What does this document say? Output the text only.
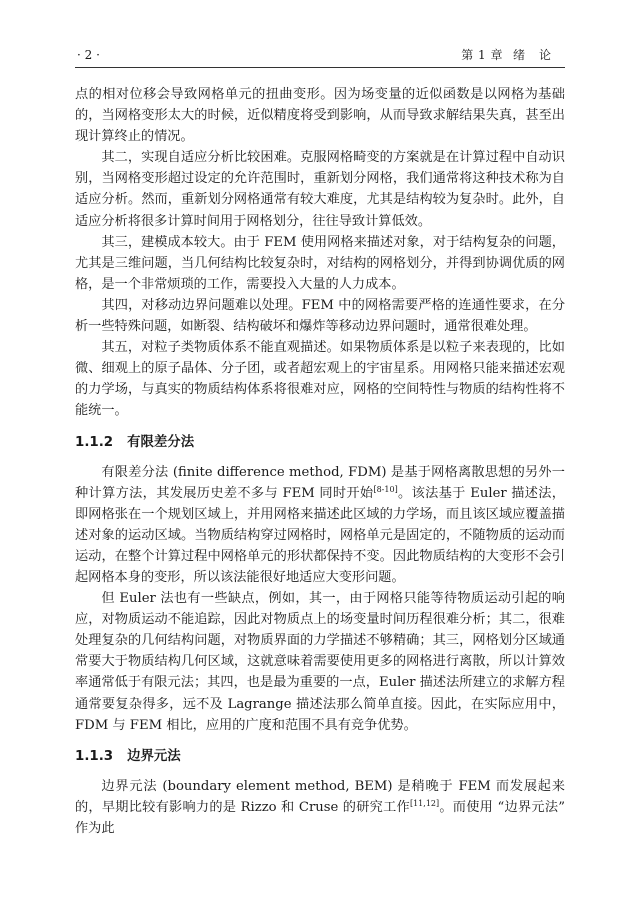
· 2 ·	第 1 章 绪论

点的相对位移会导致网格单元的扭曲变形。因为场变量的近似函数是以网格为基础的，当网格变形太大的时候，近似精度将受到影响，从而导致求解结果失真，甚至出现计算终止的情况。

其二，实现自适应分析比较困难。克服网格畸变的方案就是在计算过程中自动识别，当网格变形超过设定的允许范围时，重新划分网格，我们通常将这种技术称为自适应分析。然而，重新划分网格通常有较大难度，尤其是结构较为复杂时。此外，自适应分析将很多计算时间用于网格划分，往往导致计算低效。

其三，建模成本较大。由于 FEM 使用网格来描述对象，对于结构复杂的问题，尤其是三维问题，当几何结构比较复杂时，对结构的网格划分，并得到协调优质的网格，是一个非常烦琐的工作，需要投入大量的人力成本。

其四，对移动边界问题难以处理。FEM 中的网格需要严格的连通性要求，在分析一些特殊问题，如断裂、结构破坏和爆炸等移动边界问题时，通常很难处理。

其五，对粒子类物质体系不能直观描述。如果物质体系是以粒子来表现的，比如微、细观上的原子晶体、分子团，或者超宏观上的宇宙星系。用网格只能来描述宏观的力学场，与真实的物质结构体系将很难对应，网格的空间特性与物质的结构性将不能统一。

1.1.2 有限差分法

有限差分法 (finite difference method, FDM) 是基于网格离散思想的另外一种计算方法，其发展历史差不多与 FEM 同时开始[8-10]。该法基于 Euler 描述法，即网格张在一个规划区域上，并用网格来描述此区域的力学场，而且该区域应覆盖描述对象的运动区域。当物质结构穿过网格时，网格单元是固定的，不随物质的运动而运动，在整个计算过程中网格单元的形状都保持不变。因此物质结构的大变形不会引起网格本身的变形，所以该法能很好地适应大变形问题。

但 Euler 法也有一些缺点，例如，其一，由于网格只能等待物质运动引起的响应，对物质运动不能追踪，因此对物质点上的场变量时间历程很难分析；其二，很难处理复杂的几何结构问题，对物质界面的力学描述不够精确；其三，网格划分区域通常要大于物质结构几何区域，这就意味着需要使用更多的网格进行离散，所以计算效率通常低于有限元法；其四，也是最为重要的一点，Euler 描述法所建立的求解方程通常要复杂得多，远不及 Lagrange 描述法那么简单直接。因此，在实际应用中，FDM 与 FEM 相比，应用的广度和范围不具有竞争优势。

1.1.3 边界元法

边界元法 (boundary element method, BEM) 是稍晚于 FEM 而发展起来的，早期比较有影响力的是 Rizzo 和 Cruse 的研究工作[11,12]。而使用 “边界元法” 作为此
